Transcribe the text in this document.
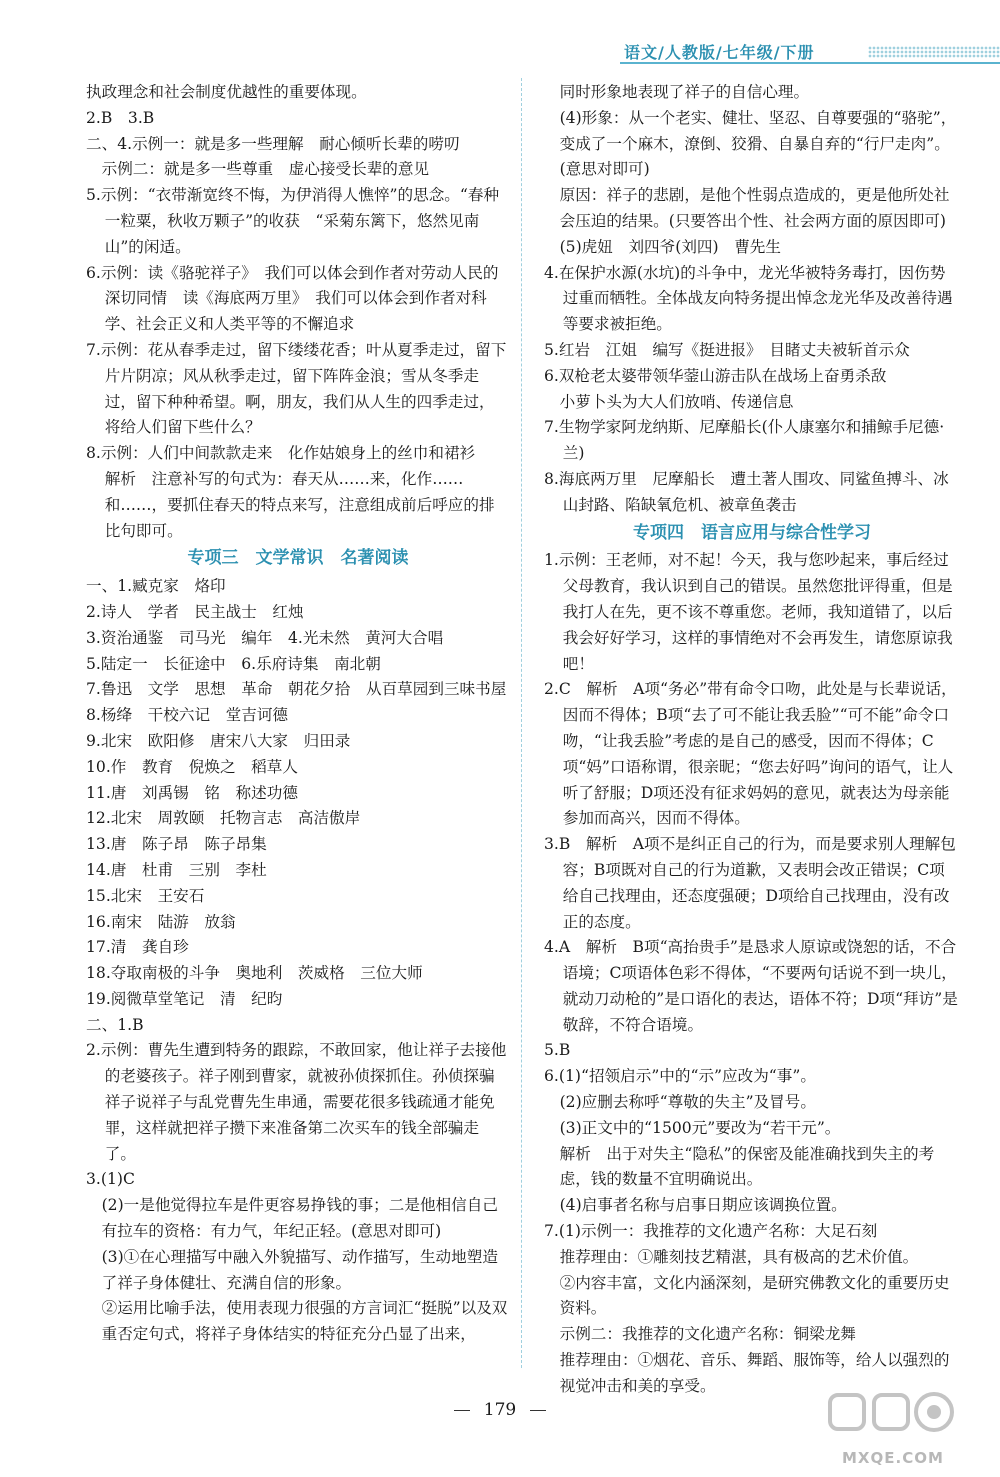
语文/人教版/七年级/下册

执政理念和社会制度优越性的重要体现。

2.B　3.B

二、4.示例一：就是多一些理解　耐心倾听长辈的唠叨

示例二：就是多一些尊重　虚心接受长辈的意见

5.示例：“衣带渐宽终不悔，为伊消得人憔悴”的思念。“春种一粒粟，秋收万颗子”的收获　“采菊东篱下，悠然见南山”的闲适。

6.示例：读《骆驼祥子》　我们可以体会到作者对劳动人民的深切同情　读《海底两万里》　我们可以体会到作者对科学、社会正义和人类平等的不懈追求

7.示例：花从春季走过，留下缕缕花香；叶从夏季走过，留下片片阴凉；风从秋季走过，留下阵阵金浪；雪从冬季走过，留下种种希望。啊，朋友，我们从人生的四季走过，将给人们留下些什么？

8.示例：人们中间款款走来　化作姑娘身上的丝巾和裙衫

解析　注意补写的句式为：春天从……来，化作……和……，要抓住春天的特点来写，注意组成前后呼应的排比句即可。

专项三　文学常识　名著阅读

一、1.臧克家　烙印

2.诗人　学者　民主战士　红烛

3.资治通鉴　司马光　编年　4.光未然　黄河大合唱

5.陆定一　长征途中　6.乐府诗集　南北朝

7.鲁迅　文学　思想　革命　朝花夕拾　从百草园到三味书屋

8.杨绛　干校六记　堂吉诃德

9.北宋　欧阳修　唐宋八大家　归田录

10.作　教育　倪焕之　稻草人

11.唐　刘禹锡　铭　称述功德

12.北宋　周敦颐　托物言志　高洁傲岸

13.唐　陈子昂　陈子昂集

14.唐　杜甫　三别　李杜

15.北宋　王安石

16.南宋　陆游　放翁

17.清　龚自珍

18.夺取南极的斗争　奥地利　茨威格　三位大师

19.阅微草堂笔记　清　纪昀

二、1.B

2.示例：曹先生遭到特务的跟踪，不敢回家，他让祥子去接他的老婆孩子。祥子刚到曹家，就被孙侦探抓住。孙侦探骗祥子说祥子与乱党曹先生串通，需要花很多钱疏通才能免罪，这样就把祥子攒下来准备第二次买车的钱全部骗走了。

3.(1)C

(2)一是他觉得拉车是件更容易挣钱的事；二是他相信自己有拉车的资格：有力气，年纪正轻。(意思对即可)

(3)①在心理描写中融入外貌描写、动作描写，生动地塑造了祥子身体健壮、充满自信的形象。

②运用比喻手法，使用表现力很强的方言词汇“挺脱”以及双重否定句式，将祥子身体结实的特征充分凸显了出来，

同时形象地表现了祥子的自信心理。

(4)形象：从一个老实、健壮、坚忍、自尊要强的“骆驼”，变成了一个麻木，潦倒、狡猾、自暴自弃的“行尸走肉”。(意思对即可)

原因：祥子的悲剧，是他个性弱点造成的，更是他所处社会压迫的结果。(只要答出个性、社会两方面的原因即可)

(5)虎妞　刘四爷(刘四)　曹先生

4.在保护水源(水坑)的斗争中，龙光华被特务毒打，因伤势过重而牺牲。全体战友向特务提出悼念龙光华及改善待遇等要求被拒绝。

5.红岩　江姐　编写《挺进报》　目睹丈夫被斩首示众

6.双枪老太婆带领华蓥山游击队在战场上奋勇杀敌

小萝卜头为大人们放哨、传递信息

7.生物学家阿龙纳斯、尼摩船长(仆人康塞尔和捕鲸手尼德·兰)

8.海底两万里　尼摩船长　遭土著人围攻、同鲨鱼搏斗、冰山封路、陷缺氧危机、被章鱼袭击

专项四　语言应用与综合性学习

1.示例：王老师，对不起！今天，我与您吵起来，事后经过父母教育，我认识到自己的错误。虽然您批评得重，但是我打人在先，更不该不尊重您。老师，我知道错了，以后我会好好学习，这样的事情绝对不会再发生，请您原谅我吧！

2.C　解析　A项“务必”带有命令口吻，此处是与长辈说话，因而不得体；B项“去了可不能让我丢脸”“可不能”命令口吻，“让我丢脸”考虑的是自己的感受，因而不得体；C项“妈”口语称谓，很亲昵；“您去好吗”询问的语气，让人听了舒服；D项还没有征求妈妈的意见，就表达为母亲能参加而高兴，因而不得体。

3.B　解析　A项不是纠正自己的行为，而是要求别人理解包容；B项既对自己的行为道歉，又表明会改正错误；C项给自己找理由，还态度强硬；D项给自己找理由，没有改正的态度。

4.A　解析　B项“高抬贵手”是恳求人原谅或饶恕的话，不合语境；C项语体色彩不得体，“不要两句话说不到一块儿，就动刀动枪的”是口语化的表达，语体不符；D项“拜访”是敬辞，不符合语境。

5.B

6.(1)“招领启示”中的“示”应改为“事”。

(2)应删去称呼“尊敬的失主”及冒号。

(3)正文中的“1500元”要改为“若干元”。

解析　出于对失主“隐私”的保密及能准确找到失主的考虑，钱的数量不宜明确说出。

(4)启事者名称与启事日期应该调换位置。

7.(1)示例一：我推荐的文化遗产名称：大足石刻

推荐理由：①雕刻技艺精湛，具有极高的艺术价值。

②内容丰富，文化内涵深刻，是研究佛教文化的重要历史资料。

示例二：我推荐的文化遗产名称：铜梁龙舞

推荐理由：①烟花、音乐、舞蹈、服饰等，给人以强烈的视觉冲击和美的享受。

179
MXQE.COM
